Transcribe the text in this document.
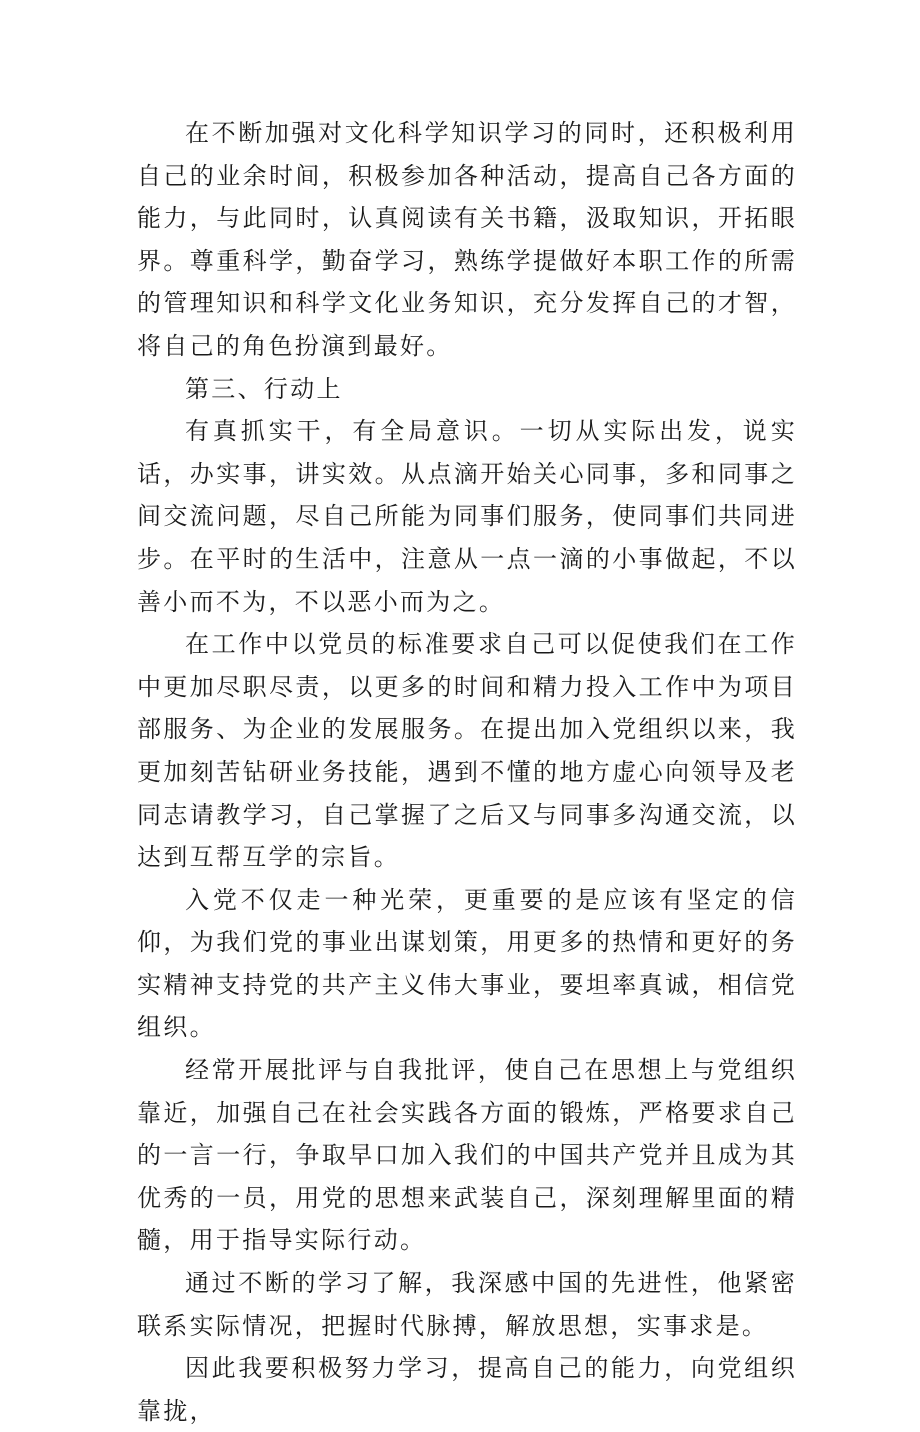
在不断加强对文化科学知识学习的同时，还积极利用自己的业余时间，积极参加各种活动，提高自己各方面的能力，与此同时，认真阅读有关书籍，汲取知识，开拓眼界。尊重科学，勤奋学习，熟练学提做好本职工作的所需的管理知识和科学文化业务知识，充分发挥自己的才智，将自己的角色扮演到最好。

第三、行动上

有真抓实干，有全局意识。一切从实际出发，说实话，办实事，讲实效。从点滴开始关心同事，多和同事之间交流问题，尽自己所能为同事们服务，使同事们共同进步。在平时的生活中，注意从一点一滴的小事做起，不以善小而不为，不以恶小而为之。

在工作中以党员的标准要求自己可以促使我们在工作中更加尽职尽责，以更多的时间和精力投入工作中为项目部服务、为企业的发展服务。在提出加入党组织以来，我更加刻苦钻研业务技能，遇到不懂的地方虚心向领导及老同志请教学习，自己掌握了之后又与同事多沟通交流，以达到互帮互学的宗旨。

入党不仅走一种光荣，更重要的是应该有坚定的信仰，为我们党的事业出谋划策，用更多的热情和更好的务实精神支持党的共产主义伟大事业，要坦率真诚，相信党组织。

经常开展批评与自我批评，使自己在思想上与党组织靠近，加强自己在社会实践各方面的锻炼，严格要求自己的一言一行，争取早口加入我们的中国共产党并且成为其优秀的一员，用党的思想来武装自己，深刻理解里面的精髓，用于指导实际行动。

通过不断的学习了解，我深感中国的先进性，他紧密联系实际情况，把握时代脉搏，解放思想，实事求是。

因此我要积极努力学习，提高自己的能力，向党组织靠拢，
